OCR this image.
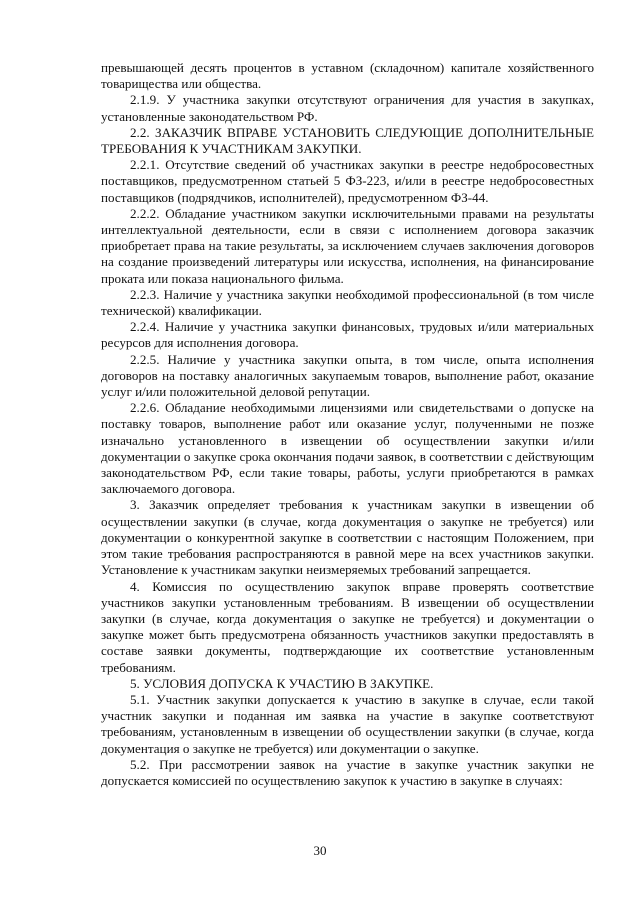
превышающей десять процентов в уставном (складочном) капитале хозяйственного товарищества или общества.

2.1.9. У участника закупки отсутствуют ограничения для участия в закупках, установленные законодательством РФ.

2.2. ЗАКАЗЧИК ВПРАВЕ УСТАНОВИТЬ СЛЕДУЮЩИЕ ДОПОЛНИТЕЛЬНЫЕ ТРЕБОВАНИЯ К УЧАСТНИКАМ ЗАКУПКИ.

2.2.1. Отсутствие сведений об участниках закупки в реестре недобросовестных поставщиков, предусмотренном статьей 5 ФЗ-223, и/или в реестре недобросовестных поставщиков (подрядчиков, исполнителей), предусмотренном ФЗ-44.

2.2.2. Обладание участником закупки исключительными правами на результаты интеллектуальной деятельности, если в связи с исполнением договора заказчик приобретает права на такие результаты, за исключением случаев заключения договоров на создание произведений литературы или искусства, исполнения, на финансирование проката или показа национального фильма.

2.2.3. Наличие у участника закупки необходимой профессиональной (в том числе технической) квалификации.

2.2.4. Наличие у участника закупки финансовых, трудовых и/или материальных ресурсов для исполнения договора.

2.2.5. Наличие у участника закупки опыта, в том числе, опыта исполнения договоров на поставку аналогичных закупаемым товаров, выполнение работ, оказание услуг и/или положительной деловой репутации.

2.2.6. Обладание необходимыми лицензиями или свидетельствами о допуске на поставку товаров, выполнение работ или оказание услуг, полученными не позже изначально установленного в извещении об осуществлении закупки и/или документации о закупке срока окончания подачи заявок, в соответствии с действующим законодательством РФ, если такие товары, работы, услуги приобретаются в рамках заключаемого договора.

3. Заказчик определяет требования к участникам закупки в извещении об осуществлении закупки (в случае, когда документация о закупке не требуется) или документации о конкурентной закупке в соответствии с настоящим Положением, при этом такие требования распространяются в равной мере на всех участников закупки. Установление к участникам закупки неизмеряемых требований запрещается.

4. Комиссия по осуществлению закупок вправе проверять соответствие участников закупки установленным требованиям. В извещении об осуществлении закупки (в случае, когда документация о закупке не требуется) и документации о закупке может быть предусмотрена обязанность участников закупки предоставлять в составе заявки документы, подтверждающие их соответствие установленным требованиям.

5. УСЛОВИЯ ДОПУСКА К УЧАСТИЮ В ЗАКУПКЕ.

5.1. Участник закупки допускается к участию в закупке в случае, если такой участник закупки и поданная им заявка на участие в закупке соответствуют требованиям, установленным в извещении об осуществлении закупки (в случае, когда документация о закупке не требуется) или документации о закупке.

5.2. При рассмотрении заявок на участие в закупке участник закупки не допускается комиссией по осуществлению закупок к участию в закупке в случаях:

30
